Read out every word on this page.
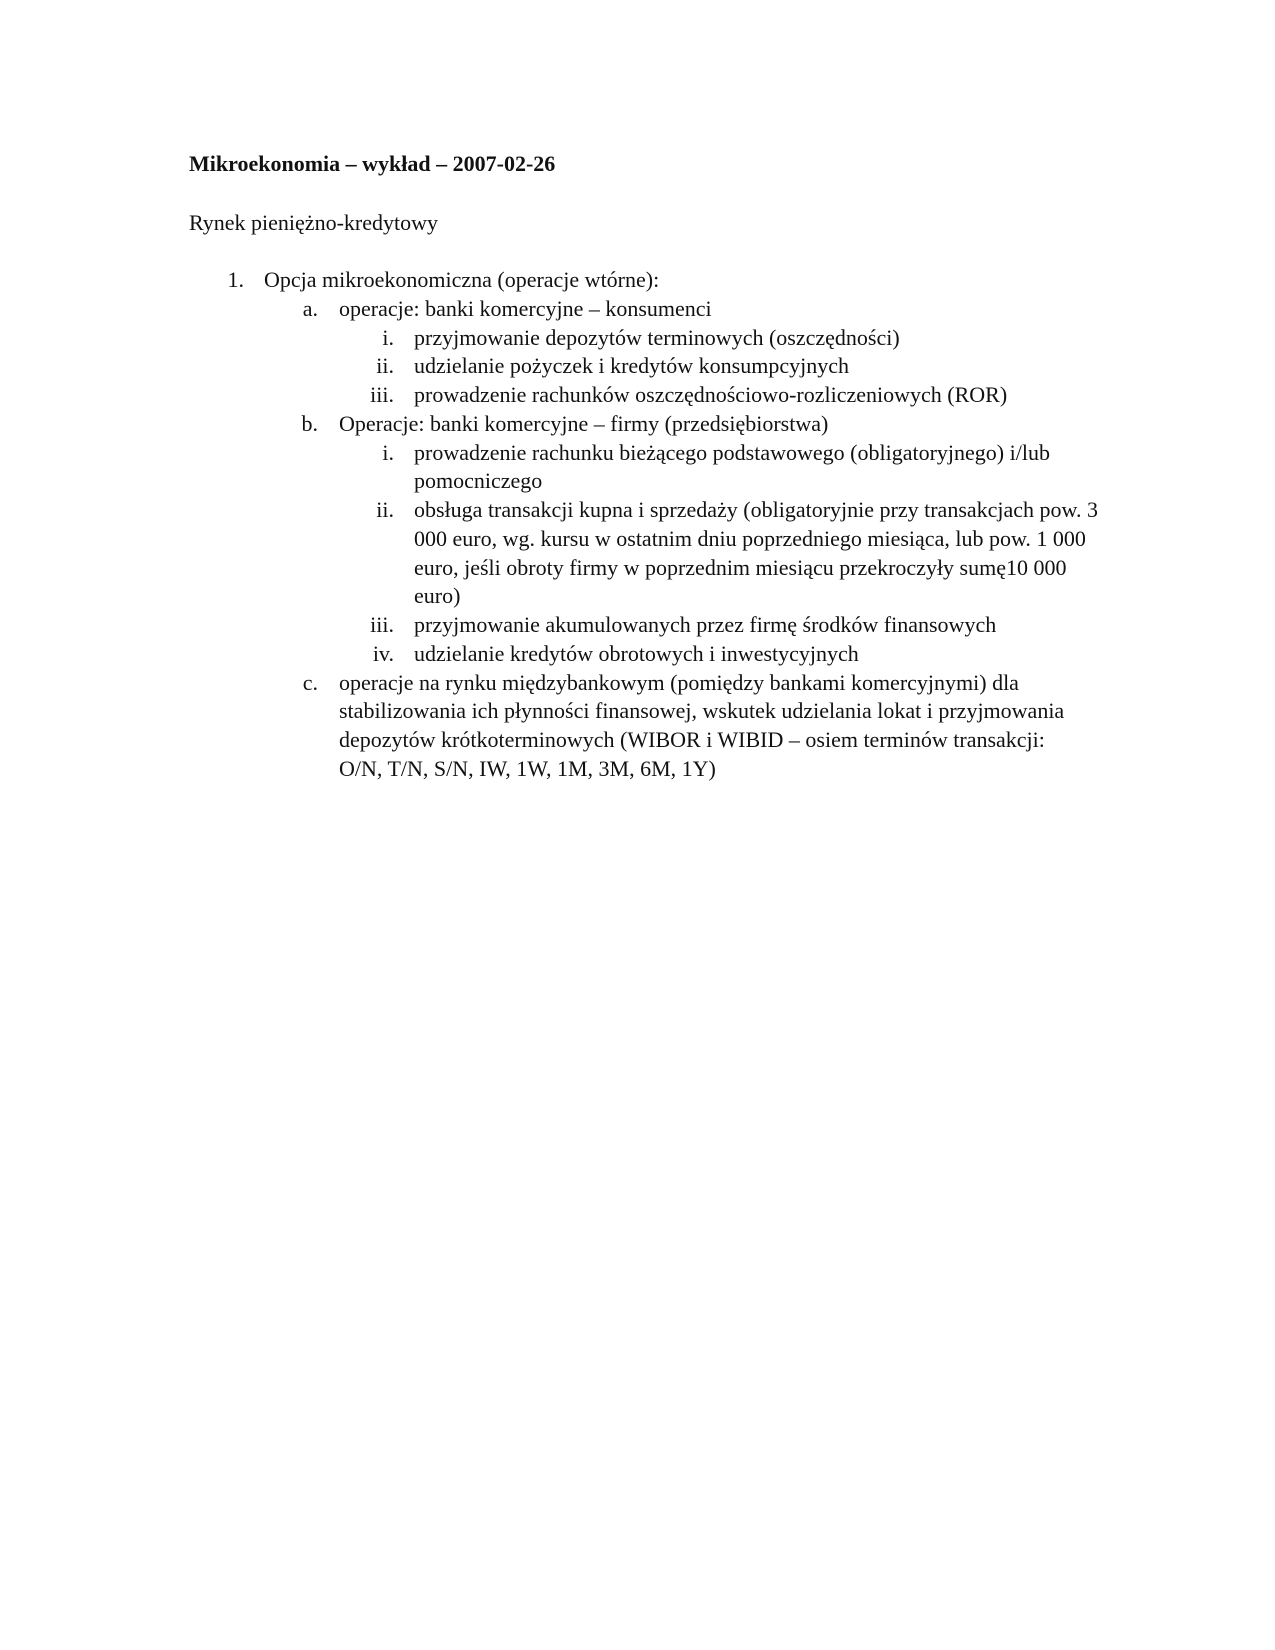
Mikroekonomia – wykład – 2007-02-26
Rynek pieniężno-kredytowy
1. Opcja mikroekonomiczna (operacje wtórne):
a. operacje: banki komercyjne – konsumenci
i. przyjmowanie depozytów terminowych (oszczędności)
ii. udzielanie pożyczek i kredytów konsumpcyjnych
iii. prowadzenie rachunków oszczędnościowo-rozliczeniowych (ROR)
b. Operacje: banki komercyjne – firmy (przedsiębiorstwa)
i. prowadzenie rachunku bieżącego podstawowego (obligatoryjnego) i/lub pomocniczego
ii. obsługa transakcji kupna i sprzedaży (obligatoryjnie przy transakcjach pow. 3 000 euro, wg. kursu w ostatnim dniu poprzedniego miesiąca, lub pow. 1 000 euro, jeśli obroty firmy w poprzednim miesiącu przekroczyły sumę10 000 euro)
iii. przyjmowanie akumulowanych przez firmę środków finansowych
iv. udzielanie kredytów obrotowych i inwestycyjnych
c. operacje na rynku międzybankowym (pomiędzy bankami komercyjnymi) dla stabilizowania ich płynności finansowej, wskutek udzielania lokat i przyjmowania depozytów krótkoterminowych (WIBOR i WIBID – osiem terminów transakcji: O/N, T/N, S/N, IW, 1W, 1M, 3M, 6M, 1Y)
